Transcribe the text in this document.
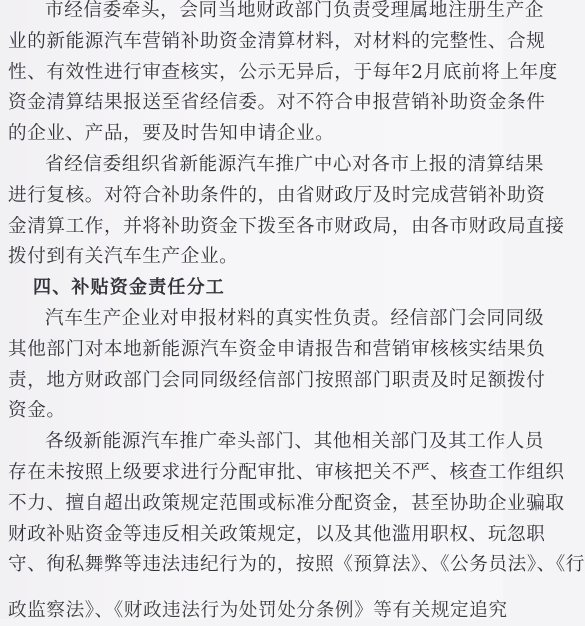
市经信委牵头，会同当地财政部门负责受理属地注册生产企
业的新能源汽车营销补助资金清算材料，对材料的完整性、合规
性、有效性进行审查核实，公示无异后，于每年2月底前将上年度
资金清算结果报送至省经信委。对不符合申报营销补助资金条件
的企业、产品，要及时告知申请企业。
省经信委组织省新能源汽车推广中心对各市上报的清算结果
进行复核。对符合补助条件的，由省财政厅及时完成营销补助资
金清算工作，并将补助资金下拨至各市财政局，由各市财政局直接
拨付到有关汽车生产企业。
四、补贴资金责任分工
汽车生产企业对申报材料的真实性负责。经信部门会同同级
其他部门对本地新能源汽车资金申请报告和营销审核核实结果负
责，地方财政部门会同同级经信部门按照部门职责及时足额拨付
资金。
各级新能源汽车推广牵头部门、其他相关部门及其工作人员
存在未按照上级要求进行分配审批、审核把关不严、核查工作组织
不力、擅自超出政策规定范围或标准分配资金，甚至协助企业骗取
财政补贴资金等违反相关政策规定，以及其他滥用职权、玩忽职
政监察法》、《财政违法行为处罚处分条例》等有关规定追究
守、徇私舞弊等违法违纪行为的，按照《预算法》、《公务员法》、《行
